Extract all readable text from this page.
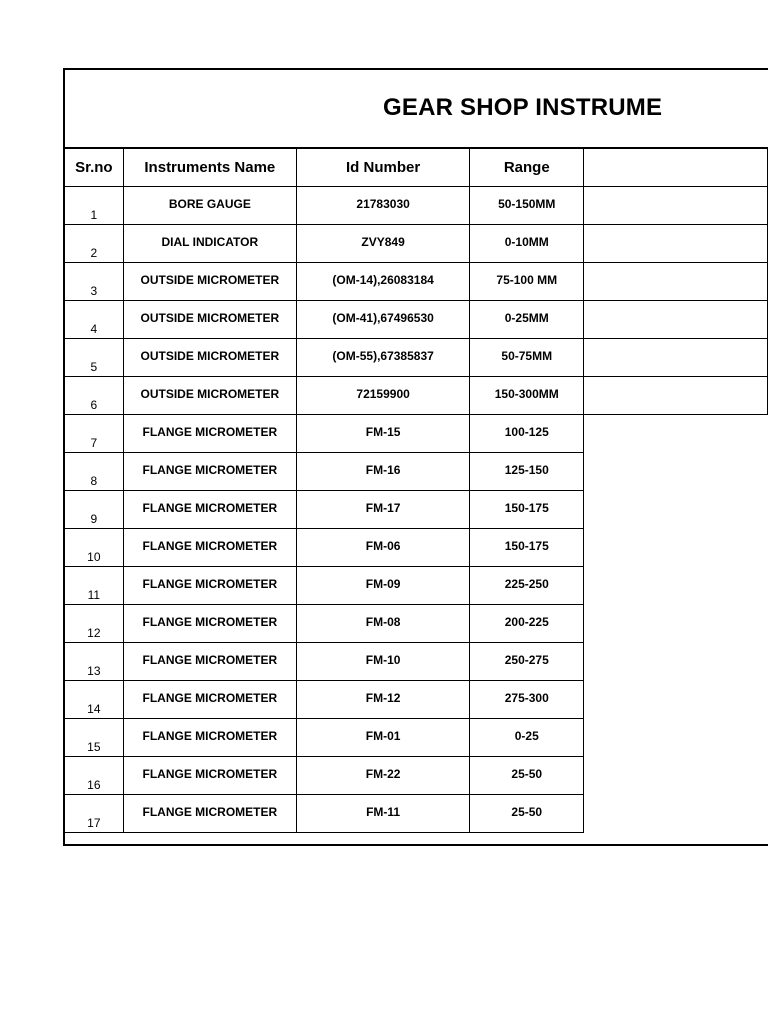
GEAR SHOP INSTRUME
Sr.no	Instruments Name	Id Number	Range	
1	BORE GAUGE	21783030	50-150MM	
2	DIAL INDICATOR	ZVY849	0-10MM	
3	OUTSIDE MICROMETER	(OM-14),26083184	75-100 MM	
4	OUTSIDE MICROMETER	(OM-41),67496530	0-25MM	
5	OUTSIDE MICROMETER	(OM-55),67385837	50-75MM	
6	OUTSIDE MICROMETER	72159900	150-300MM	
7	FLANGE MICROMETER	FM-15	100-125	
8	FLANGE MICROMETER	FM-16	125-150	
9	FLANGE MICROMETER	FM-17	150-175	
10	FLANGE MICROMETER	FM-06	150-175	
11	FLANGE MICROMETER	FM-09	225-250	
12	FLANGE MICROMETER	FM-08	200-225	
13	FLANGE MICROMETER	FM-10	250-275	
14	FLANGE MICROMETER	FM-12	275-300	
15	FLANGE MICROMETER	FM-01	0-25	
16	FLANGE MICROMETER	FM-22	25-50	
17	FLANGE MICROMETER	FM-11	25-50	
